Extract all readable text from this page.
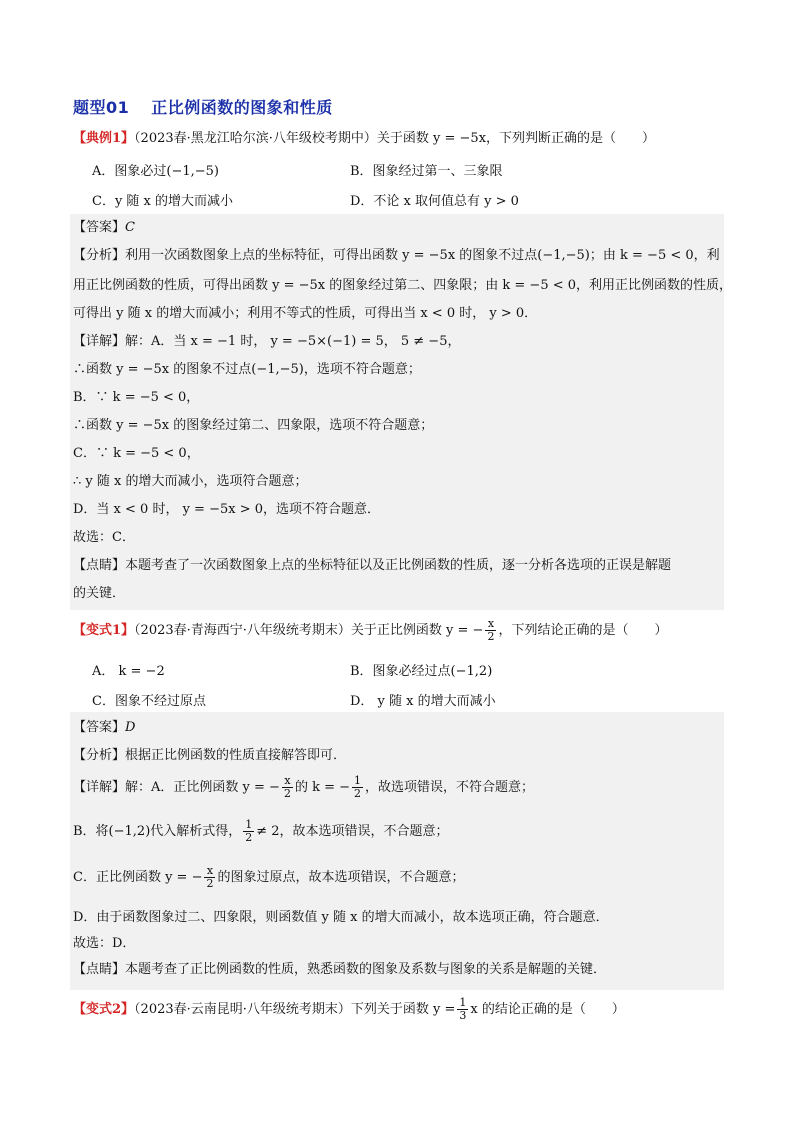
题型01 正比例函数的图象和性质
【典例1】（2023春·黑龙江哈尔滨·八年级校考期中）关于函数 y = −5x，下列判断正确的是（　　）
A．图象必过(−1,−5)	B．图象经过第一、三象限
C．y 随 x 的增大而减小	D．不论 x 取何值总有 y > 0
【答案】C
【分析】利用一次函数图象上点的坐标特征，可得出函数 y = −5x 的图象不过点(−1,−5)；由 k = −5 < 0，利
用正比例函数的性质，可得出函数 y = −5x 的图象经过第二、四象限；由 k = −5 < 0，利用正比例函数的性质，
可得出 y 随 x 的增大而减小；利用不等式的性质，可得出当 x < 0 时， y > 0．
【详解】解：A．当 x = −1 时， y = −5×(−1) = 5， 5 ≠ −5，
∴函数 y = −5x 的图象不过点(−1,−5)，选项不符合题意；
B．∵ k = −5 < 0，
∴函数 y = −5x 的图象经过第二、四象限，选项不符合题意；
C．∵ k = −5 < 0，
∴ y 随 x 的增大而减小，选项符合题意；
D．当 x < 0 时， y = −5x > 0，选项不符合题意．
故选：C．
【点睛】本题考查了一次函数图象上点的坐标特征以及正比例函数的性质，逐一分析各选项的正误是解题
的关键．
【变式1】（2023春·青海西宁·八年级统考期末）关于正比例函数 y = − $\frac{x}{2}$ ，下列结论正确的是（　　）
A． k = −2	B．图象必经过点(−1,2)
C．图象不经过原点	D． y 随 x 的增大而减小
【答案】D
【分析】根据正比例函数的性质直接解答即可．
【详解】解：A．正比例函数 y = − $\frac{x}{2}$ 的 k = − $\frac{1}{2}$ ，故选项错误，不符合题意；
B．将(−1,2)代入解析式得， $\frac{1}{2} \ne 2$，故本选项错误，不合题意；
C．正比例函数 y = − $\frac{x}{2}$ 的图象过原点，故本选项错误，不合题意；
D．由于函数图象过二、四象限，则函数值 y 随 x 的增大而减小，故本选项正确，符合题意．
故选：D．
【点睛】本题考查了正比例函数的性质，熟悉函数的图象及系数与图象的关系是解题的关键．
【变式2】（2023春·云南昆明·八年级统考期末）下列关于函数 $y = \frac{1}{3}$ x 的结论正确的是（　　）
